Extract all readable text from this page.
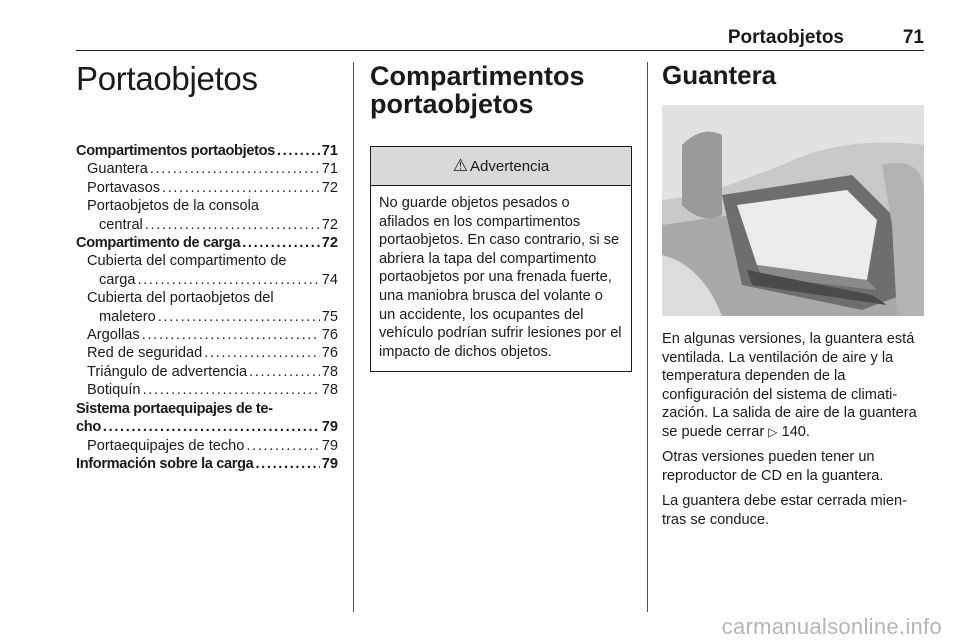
Portaobjetos	71
Portaobjetos
Compartimentos portaobjetos . . .	71
Guantera . . .	71
Portavasos . . .	72
Portaobjetos de la consola
central . . .	72
Compartimento de carga . . .	72
Cubierta del compartimento de
carga . . .	74
Cubierta del portaobjetos del
maletero . . .	75
Argollas . . .	76
Red de seguridad . . .	76
Triángulo de advertencia . . .	78
Botiquín . . .	78
Sistema portaequipajes de te-
cho . . .	79
Portaequipajes de techo . . .	79
Información sobre la carga . . .	79
Compartimentos
portaobjetos
⚠ Advertencia
No guarde objetos pesados o afilados en los compartimentos portaobjetos. En caso contrario, si se abriera la tapa del compartimento portaobjetos por una frenada fuerte, una maniobra brusca del volante o un accidente, los ocupantes del vehículo podrían sufrir lesiones por el impacto de dichos objetos.
Guantera

En algunas versiones, la guantera está ventilada. La ventilación de aire y la temperatura dependen de la configuración del sistema de climatización. La salida de aire de la guantera se puede cerrar ▷ 140.

Otras versiones pueden tener un reproductor de CD en la guantera.

La guantera debe estar cerrada mientras se conduce.

carmanualsonline.info
